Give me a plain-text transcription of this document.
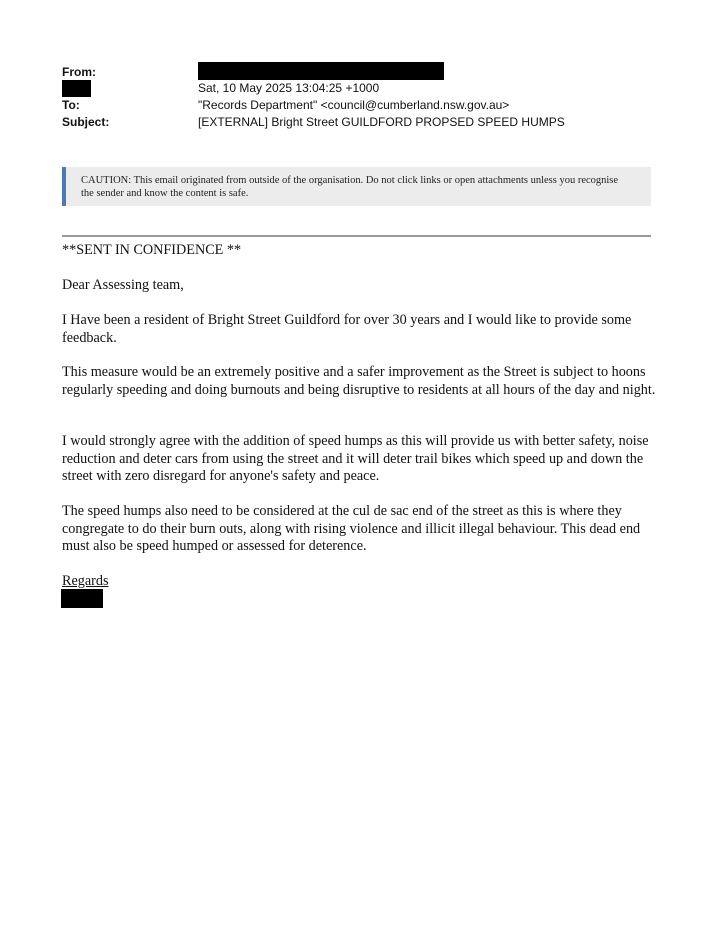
From:
Sat, 10 May 2025 13:04:25 +1000
To:	"Records Department" <council@cumberland.nsw.gov.au>
Subject:	[EXTERNAL] Bright Street GUILDFORD PROPSED SPEED HUMPS

CAUTION: This email originated from outside of the organisation. Do not click links or open attachments unless you recognise the sender and know the content is safe.

**SENT IN CONFIDENCE **

Dear Assessing team,

I Have been a resident of Bright Street Guildford for over 30 years and I would like to provide some feedback.

This measure would be an extremely positive and a safer improvement as the Street is subject to hoons regularly speeding and doing burnouts and being disruptive to residents at all hours of the day and night.

I would strongly agree with the addition of speed humps as this will provide us with better safety, noise reduction and deter cars from using the street and it will deter trail bikes which speed up and down the street with zero disregard for anyone's safety and peace.

The speed humps also need to be considered at the cul de sac end of the street as this is where they congregate to do their burn outs, along with rising violence and illicit illegal behaviour. This dead end must also be speed humped or assessed for deterence.

Regards
